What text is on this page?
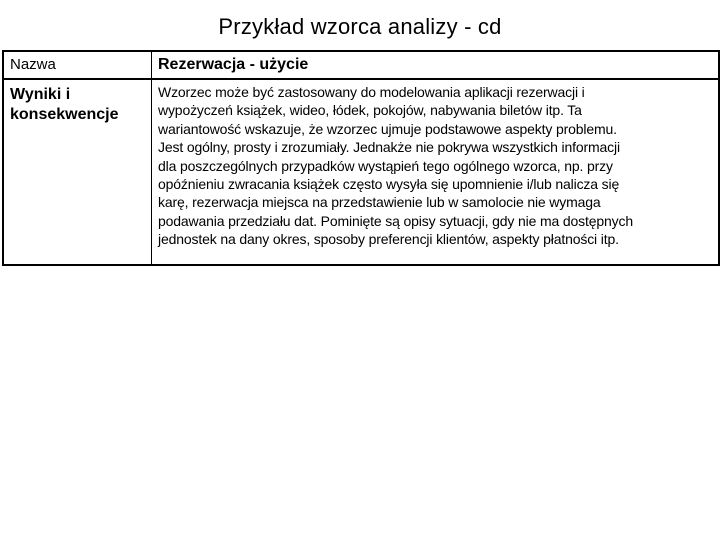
Przykład wzorca analizy - cd
Nazwa	Rezerwacja - użycie
Wyniki i
konsekwencje
Wzorzec może być zastosowany do modelowania aplikacji rezerwacji i
wypożyczeń książek, wideo, łódek, pokojów, nabywania biletów itp. Ta
wariantowość wskazuje, że wzorzec ujmuje podstawowe aspekty problemu.
Jest ogólny, prosty i zrozumiały. Jednakże nie pokrywa wszystkich informacji
dla poszczególnych przypadków wystąpień tego ogólnego wzorca, np. przy
opóźnieniu zwracania książek często wysyła się upomnienie i/lub nalicza się
karę, rezerwacja miejsca na przedstawienie lub w samolocie nie wymaga
podawania przedziału dat. Pominięte są opisy sytuacji, gdy nie ma dostępnych
jednostek na dany okres, sposoby preferencji klientów, aspekty płatności itp.
